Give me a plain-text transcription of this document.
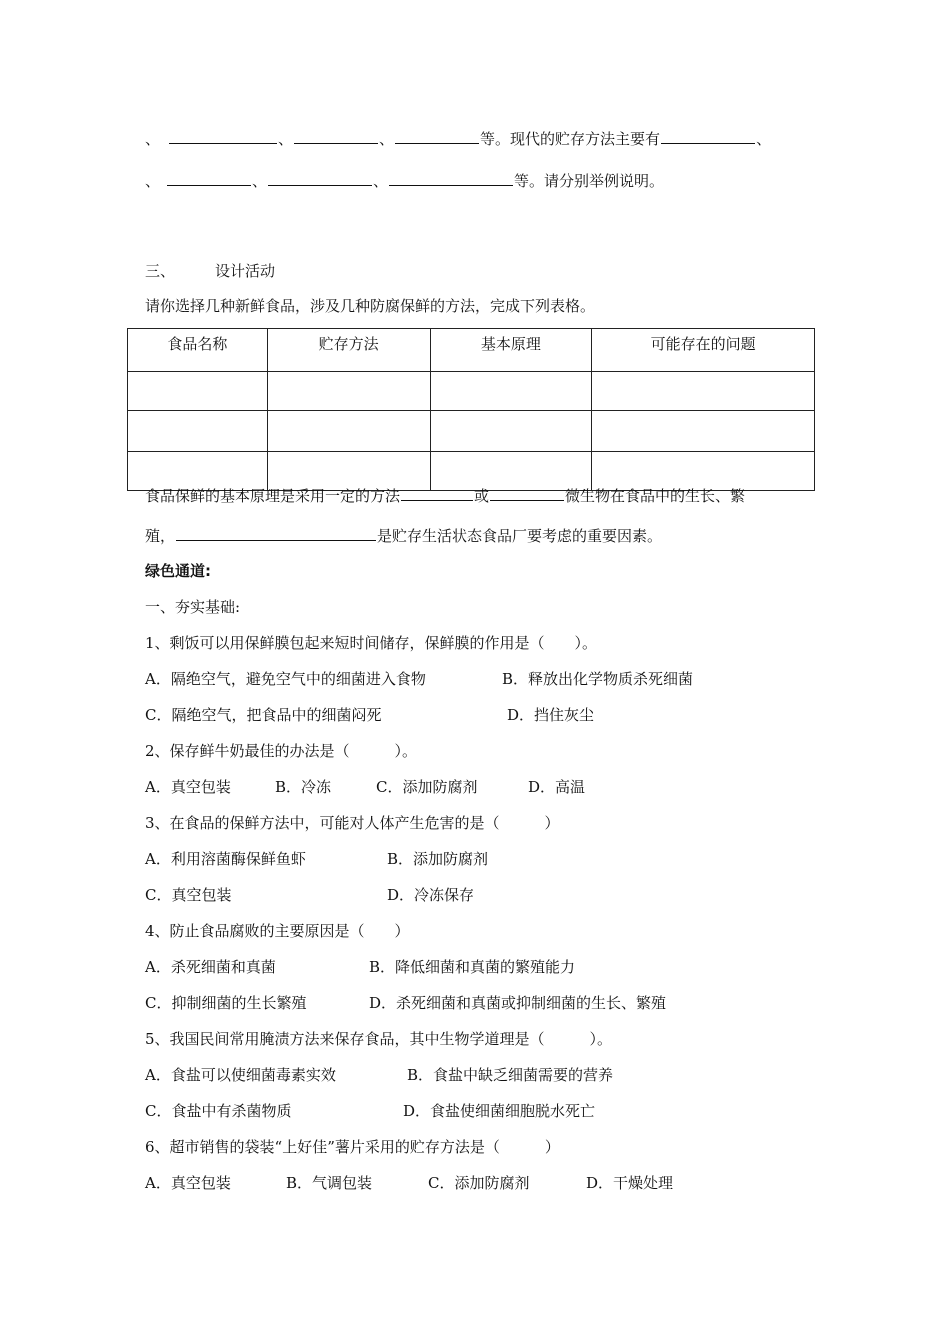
、	、	、	等。现代的贮存方法主要有	、
、	、	、	等。请分别举例说明。
三、	设计活动
请你选择几种新鲜食品，涉及几种防腐保鲜的方法，完成下列表格。
食品名称	贮存方法	基本原理	可能存在的问题

食品保鲜的基本原理是采用一定的方法	或	微生物在食品中的生长、繁
殖，	是贮存生活状态食品厂要考虑的重要因素。
绿色通道:
一、夯实基础:
1、剩饭可以用保鲜膜包起来短时间储存，保鲜膜的作用是（　　）。
A．隔绝空气，避免空气中的细菌进入食物	B．释放出化学物质杀死细菌
C．隔绝空气，把食品中的细菌闷死	D．挡住灰尘
2、保存鲜牛奶最佳的办法是（　　　）。
A．真空包装	B．冷冻	C．添加防腐剂	D．高温
3、在食品的保鲜方法中，可能对人体产生危害的是（　　　）
A．利用溶菌酶保鲜鱼虾	B．添加防腐剂
C．真空包装	D．冷冻保存
4、防止食品腐败的主要原因是（　　）
A．杀死细菌和真菌	B．降低细菌和真菌的繁殖能力
C．抑制细菌的生长繁殖	D．杀死细菌和真菌或抑制细菌的生长、繁殖
5、我国民间常用腌渍方法来保存食品，其中生物学道理是（　　　）。
A．食盐可以使细菌毒素实效	B．食盐中缺乏细菌需要的营养
C．食盐中有杀菌物质	D．食盐使细菌细胞脱水死亡
6、超市销售的袋装“上好佳”薯片采用的贮存方法是（　　　）
A．真空包装	B．气调包装	C．添加防腐剂	D．干燥处理
